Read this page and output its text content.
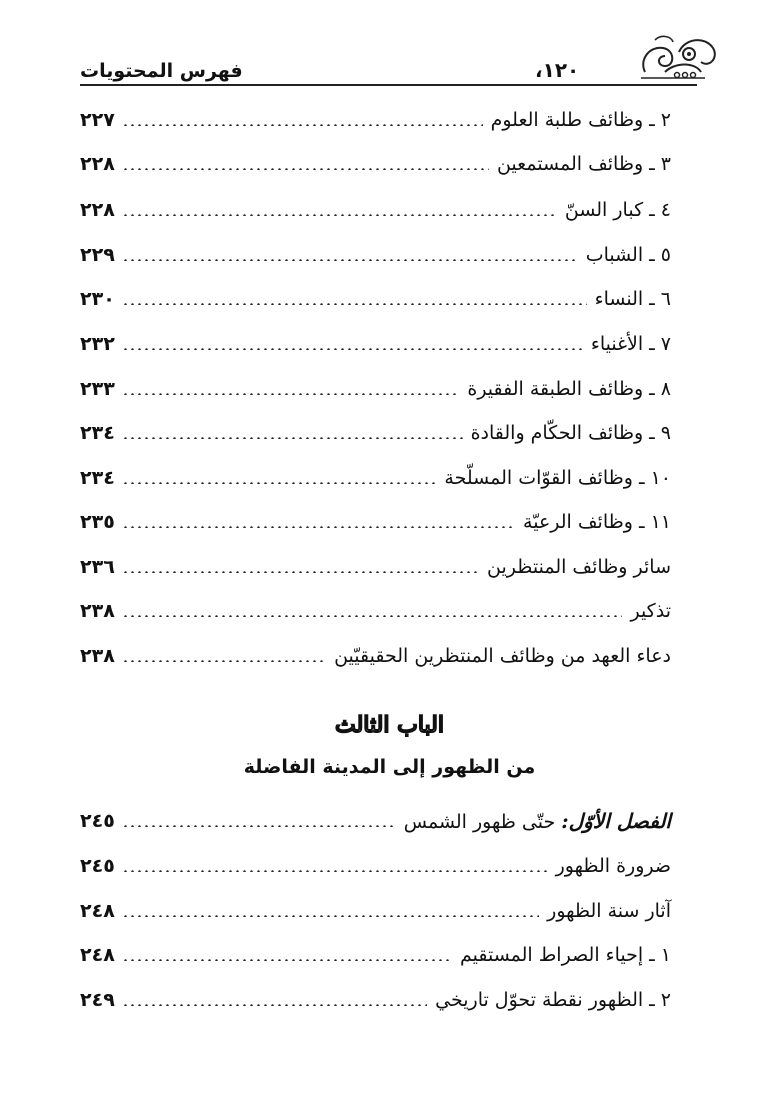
فهرس المحتويات	،١٢٠
٢ ـ وظائف طلبة العلوم
٢٢٧
٣ ـ وظائف المستمعين
٢٢٨
٤ ـ كبار السنّ
٢٢٨
٥ ـ الشباب
٢٢٩
٦ ـ النساء
٢٣٠
٧ ـ الأغنياء
٢٣٢
٨ ـ وظائف الطبقة الفقيرة
٢٣٣
٩ ـ وظائف الحكّام والقادة
٢٣٤
١٠ ـ وظائف القوّات المسلّحة
٢٣٤
١١ ـ وظائف الرعيّة
٢٣٥
سائر وظائف المنتظرين
٢٣٦
تذكير
٢٣٨
دعاء العهد من وظائف المنتظرين الحقيقيّين
٢٣٨
الباب الثالث
من الظهور إلى المدينة الفاضلة
الفصل الأوّل:حتّى ظهور الشمس
٢٤٥
ضرورة الظهور
٢٤٥
آثار سنة الظهور
٢٤٨
١ ـ إحياء الصراط المستقيم
٢٤٨
٢ ـ الظهور نقطة تحوّل تاريخي
٢٤٩
